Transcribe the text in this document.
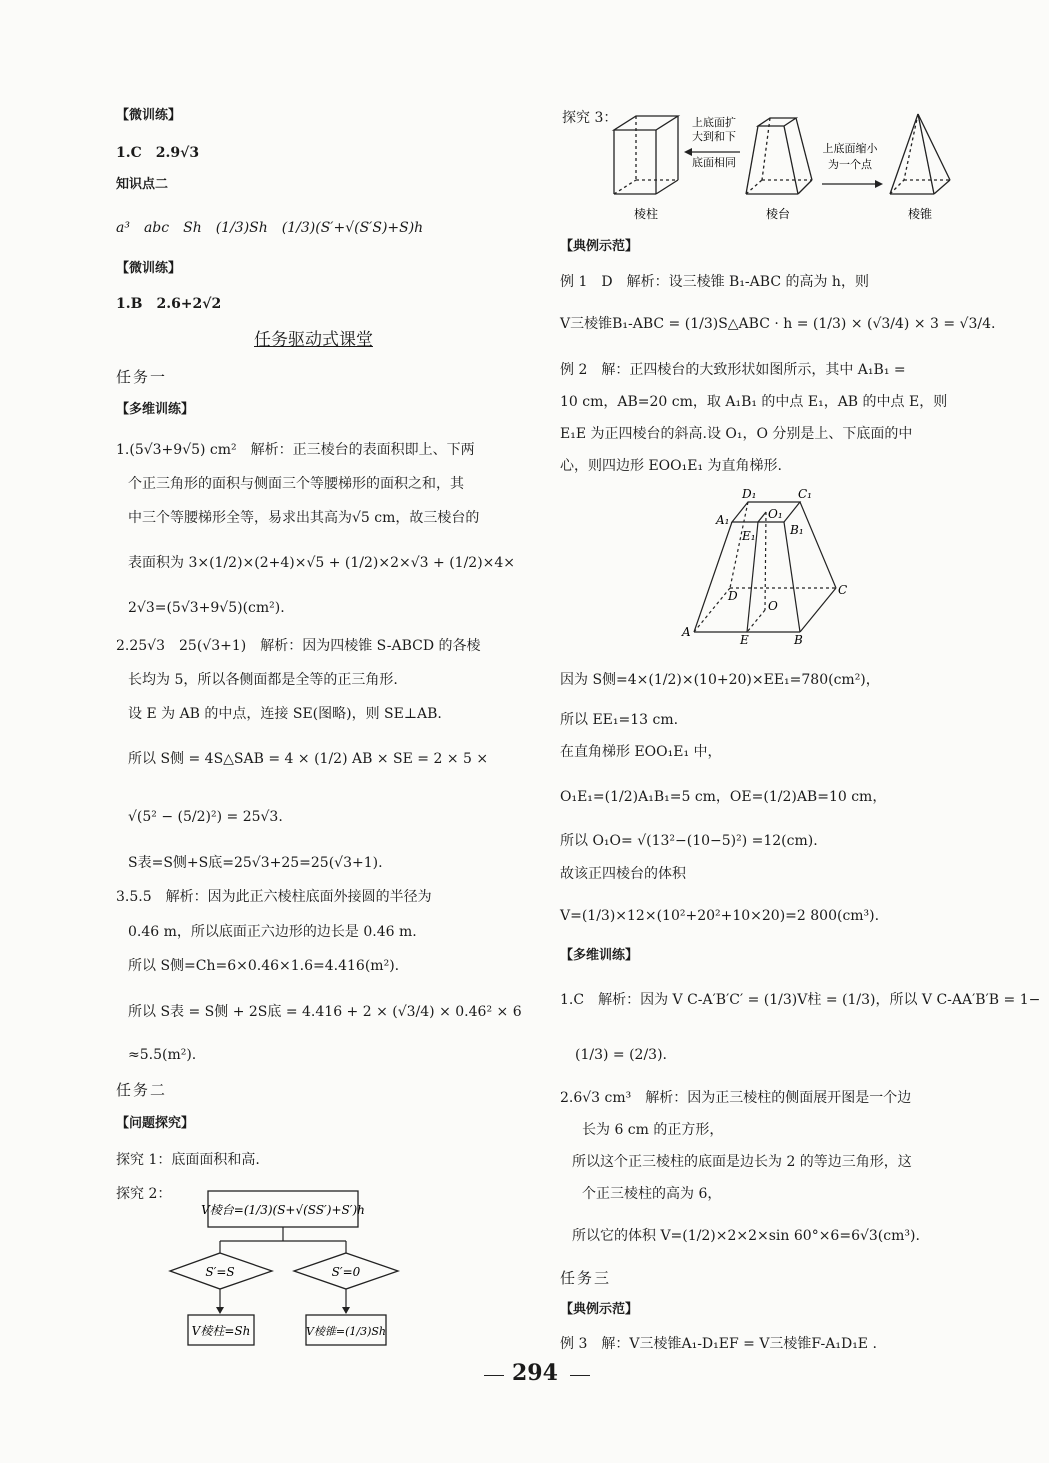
【微训练】
1.C　2.9√3
知识点二
a³　abc　Sh　(1/3)Sh　(1/3)(S′+√(S′S)+S)h
【微训练】
1.B　2.6+2√2
任务驱动式课堂
任务一
【多维训练】
1.(5√3+9√5) cm²　解析：正三棱台的表面积即上、下两
个正三角形的面积与侧面三个等腰梯形的面积之和，其
中三个等腰梯形全等，易求出其高为√5 cm，故三棱台的
表面积为 3×(1/2)×(2+4)×√5 + (1/2)×2×√3 + (1/2)×4×
2√3=(5√3+9√5)(cm²).
2.25√3　25(√3+1)　解析：因为四棱锥 S-ABCD 的各棱
长均为 5，所以各侧面都是全等的正三角形.
设 E 为 AB 的中点，连接 SE(图略)，则 SE⊥AB.
所以 S侧 = 4S△SAB = 4 × (1/2) AB × SE = 2 × 5 ×
√(5² − (5/2)²) = 25√3.
S表=S侧+S底=25√3+25=25(√3+1).
3.5.5　解析：因为此正六棱柱底面外接圆的半径为
0.46 m，所以底面正六边形的边长是 0.46 m.
所以 S侧=Ch=6×0.46×1.6=4.416(m²).
所以 S表 = S侧 + 2S底 = 4.416 + 2 × (√3/4) × 0.46² × 6
≈5.5(m²).
任务二
【问题探究】
探究 1：底面面积和高.
探究 2：
V棱台=(1/3)(S+√(SS′)+S′)h
S′=S	S′=0
V棱柱=Sh	V棱锥=(1/3)Sh
探究 3：	上底面扩
大到和下
底面相同
上底面缩小
为一个点
棱柱	棱台	棱锥
【典例示范】
例 1　D　解析：设三棱锥 B₁-ABC 的高为 h，则
V三棱锥B₁-ABC = (1/3)S△ABC · h = (1/3) × (√3/4) × 3 = √3/4.
例 2　解：正四棱台的大致形状如图所示，其中 A₁B₁ =
10 cm，AB=20 cm，取 A₁B₁ 的中点 E₁，AB 的中点 E，则
E₁E 为正四棱台的斜高.设 O₁，O 分别是上、下底面的中
心，则四边形 EOO₁E₁ 为直角梯形.
D₁	C₁
A₁	O₁
B₁
E₁
D
O
C
A
E	B
因为 S侧=4×(1/2)×(10+20)×EE₁=780(cm²)，
所以 EE₁=13 cm.
在直角梯形 EOO₁E₁ 中，
O₁E₁=(1/2)A₁B₁=5 cm，OE=(1/2)AB=10 cm，
所以 O₁O= √(13²−(10−5)²) =12(cm).
故该正四棱台的体积
V=(1/3)×12×(10²+20²+10×20)=2 800(cm³).
【多维训练】
1.C　解析：因为 V C-A′B′C′ = (1/3)V柱 = (1/3)，所以 V C-AA′B′B = 1−
(1/3) = (2/3).
2.6√3 cm³　解析：因为正三棱柱的侧面展开图是一个边
长为 6 cm 的正方形，
所以这个正三棱柱的底面是边长为 2 的等边三角形，这
个正三棱柱的高为 6，
所以它的体积 V=(1/2)×2×2×sin 60°×6=6√3(cm³).
任务三
【典例示范】
例 3　解：V三棱锥A₁-D₁EF = V三棱锥F-A₁D₁E .
294
